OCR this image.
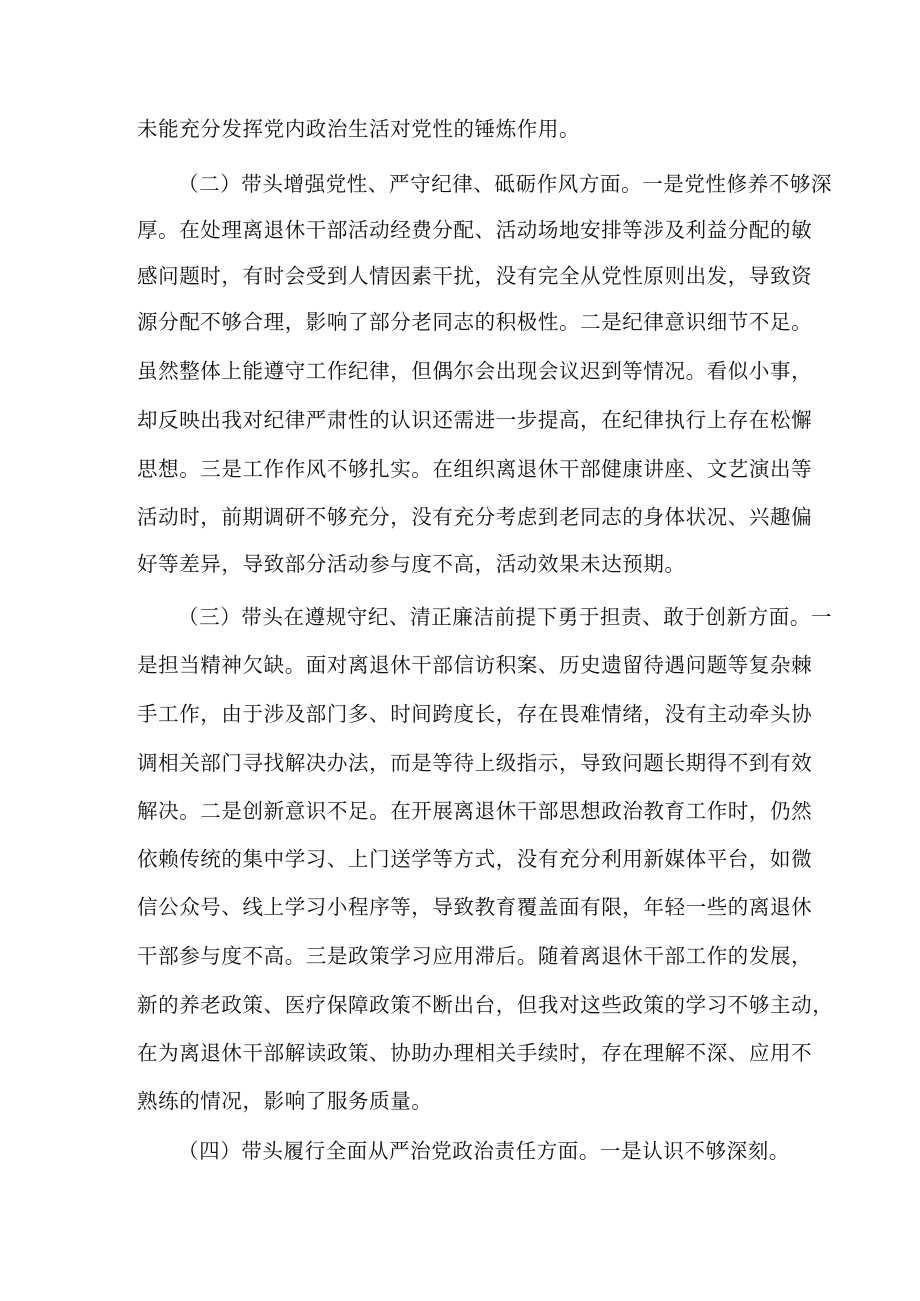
未能充分发挥党内政治生活对党性的锤炼作用。
（二）带头增强党性、严守纪律、砥砺作风方面。一是党性修养不够深
厚。在处理离退休干部活动经费分配、活动场地安排等涉及利益分配的敏
感问题时，有时会受到人情因素干扰，没有完全从党性原则出发，导致资
源分配不够合理，影响了部分老同志的积极性。二是纪律意识细节不足。
虽然整体上能遵守工作纪律，但偶尔会出现会议迟到等情况。看似小事，
却反映出我对纪律严肃性的认识还需进一步提高，在纪律执行上存在松懈
思想。三是工作作风不够扎实。在组织离退休干部健康讲座、文艺演出等
活动时，前期调研不够充分，没有充分考虑到老同志的身体状况、兴趣偏
好等差异，导致部分活动参与度不高，活动效果未达预期。
（三）带头在遵规守纪、清正廉洁前提下勇于担责、敢于创新方面。一
是担当精神欠缺。面对离退休干部信访积案、历史遗留待遇问题等复杂棘
手工作，由于涉及部门多、时间跨度长，存在畏难情绪，没有主动牵头协
调相关部门寻找解决办法，而是等待上级指示，导致问题长期得不到有效
解决。二是创新意识不足。在开展离退休干部思想政治教育工作时，仍然
依赖传统的集中学习、上门送学等方式，没有充分利用新媒体平台，如微
信公众号、线上学习小程序等，导致教育覆盖面有限，年轻一些的离退休
干部参与度不高。三是政策学习应用滞后。随着离退休干部工作的发展，
新的养老政策、医疗保障政策不断出台，但我对这些政策的学习不够主动，
在为离退休干部解读政策、协助办理相关手续时，存在理解不深、应用不
熟练的情况，影响了服务质量。
（四）带头履行全面从严治党政治责任方面。一是认识不够深刻。
